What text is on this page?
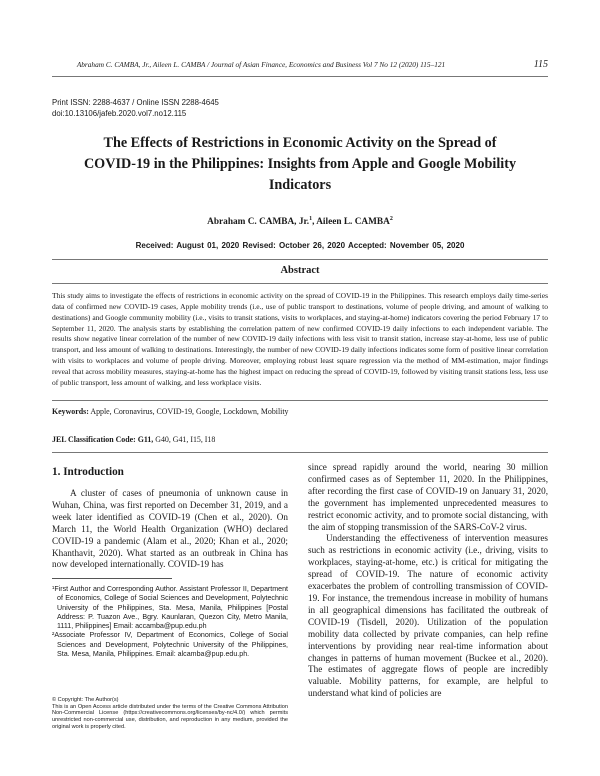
Abraham C. CAMBA, Jr., Aileen L. CAMBA / Journal of Asian Finance, Economics and Business Vol 7 No 12 (2020) 115–121	115
Print ISSN: 2288-4637 / Online ISSN 2288-4645
doi:10.13106/jafeb.2020.vol7.no12.115
The Effects of Restrictions in Economic Activity on the Spread of COVID-19 in the Philippines: Insights from Apple and Google Mobility Indicators
Abraham C. CAMBA, Jr.$^1$, Aileen L. CAMBA$^2$
Received: August 01, 2020 Revised: October 26, 2020 Accepted: November 05, 2020
Abstract
This study aims to investigate the effects of restrictions in economic activity on the spread of COVID-19 in the Philippines. This research employs daily time-series data of confirmed new COVID-19 cases, Apple mobility trends (i.e., use of public transport to destinations, volume of people driving, and amount of walking to destinations) and Google community mobility (i.e., visits to transit stations, visits to workplaces, and staying-at-home) indicators covering the period February 17 to September 11, 2020. The analysis starts by establishing the correlation pattern of new confirmed COVID-19 daily infections to each independent variable. The results show negative linear correlation of the number of new COVID-19 daily infections with less visit to transit station, increase stay-at-home, less use of public transport, and less amount of walking to destinations. Interestingly, the number of new COVID-19 daily infections indicates some form of positive linear correlation with visits to workplaces and volume of people driving. Moreover, employing robust least square regression via the method of MM-estimation, major findings reveal that across mobility measures, staying-at-home has the highest impact on reducing the spread of COVID-19, followed by visiting transit stations less, less use of public transport, less amount of walking, and less workplace visits.
Keywords: Apple, Coronavirus, COVID-19, Google, Lockdown, Mobility
JEL Classification Code: G11, G40, G41, I15, I18
1. Introduction

A cluster of cases of pneumonia of unknown cause in Wuhan, China, was first reported on December 31, 2019, and a week later identified as COVID-19 (Chen et al., 2020). On March 11, the World Health Organization (WHO) declared COVID-19 a pandemic (Alam et al., 2020; Khan et al., 2020; Khanthavit, 2020). What started as an outbreak in China has now developed internationally. COVID-19 has

¹First Author and Corresponding Author. Assistant Professor II, Department of Economics, College of Social Sciences and Development, Polytechnic University of the Philippines, Sta. Mesa, Manila, Philippines [Postal Address: P. Tuazon Ave., Bgry. Kaunlaran, Quezon City, Metro Manila, 1111, Philippines] Email: accamba@pup.edu.ph

²Associate Professor IV, Department of Economics, College of Social Sciences and Development, Polytechnic University of the Philippines, Sta. Mesa, Manila, Philippines. Email: alcamba@pup.edu.ph.

© Copyright: The Author(s)

This is an Open Access article distributed under the terms of the Creative Commons Attribution Non-Commercial License (https://creativecommons.org/licenses/by-nc/4.0/) which permits unrestricted non-commercial use, distribution, and reproduction in any medium, provided the original work is properly cited.

since spread rapidly around the world, nearing 30 million confirmed cases as of September 11, 2020. In the Philippines, after recording the first case of COVID-19 on January 31, 2020, the government has implemented unprecedented measures to restrict economic activity, and to promote social distancing, with the aim of stopping transmission of the SARS-CoV-2 virus.

Understanding the effectiveness of intervention measures such as restrictions in economic activity (i.e., driving, visits to workplaces, staying-at-home, etc.) is critical for mitigating the spread of COVID-19. The nature of economic activity exacerbates the problem of controlling transmission of COVID-19. For instance, the tremendous increase in mobility of humans in all geographical dimensions has facilitated the outbreak of COVID-19 (Tisdell, 2020). Utilization of the population mobility data collected by private companies, can help refine interventions by providing near real-time information about changes in patterns of human movement (Buckee et al., 2020). The estimates of aggregate flows of people are incredibly valuable. Mobility patterns, for example, are helpful to understand what kind of policies are
